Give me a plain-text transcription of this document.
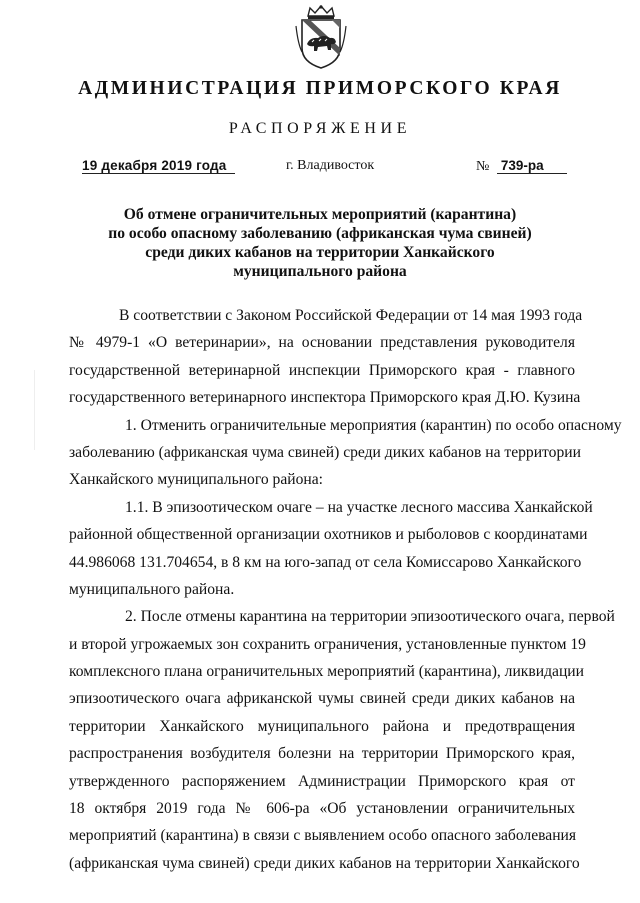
АДМИНИСТРАЦИЯ ПРИМОРСКОГО КРАЯ
РАСПОРЯЖЕНИЕ
19 декабря 2019 года	г. Владивосток	№ 739-ра
Об отмене ограничительных мероприятий (карантина)
по особо опасному заболеванию (африканская чума свиней)
среди диких кабанов на территории Ханкайского
муниципального района
В соответствии с Законом Российской Федерации от 14 мая 1993 года
№ 4979-1 «О ветеринарии», на основании представления руководителя
государственной ветеринарной инспекции Приморского края - главного
государственного ветеринарного инспектора Приморского края Д.Ю. Кузина
1. Отменить ограничительные мероприятия (карантин) по особо опасному
заболеванию (африканская чума свиней) среди диких кабанов на территории
Ханкайского муниципального района:
1.1. В эпизоотическом очаге – на участке лесного массива Ханкайской
районной общественной организации охотников и рыболовов с координатами
44.986068 131.704654, в 8 км на юго-запад от села Комиссарово Ханкайского
муниципального района.
2. После отмены карантина на территории эпизоотического очага, первой
и второй угрожаемых зон сохранить ограничения, установленные пунктом 19
комплексного плана ограничительных мероприятий (карантина), ликвидации
эпизоотического очага африканской чумы свиней среди диких кабанов на
территории Ханкайского муниципального района и предотвращения
распространения возбудителя болезни на территории Приморского края,
утвержденного распоряжением Администрации Приморского края от
18 октября 2019 года № 606-ра «Об установлении ограничительных
мероприятий (карантина) в связи с выявлением особо опасного заболевания
(африканская чума свиней) среди диких кабанов на территории Ханкайского
